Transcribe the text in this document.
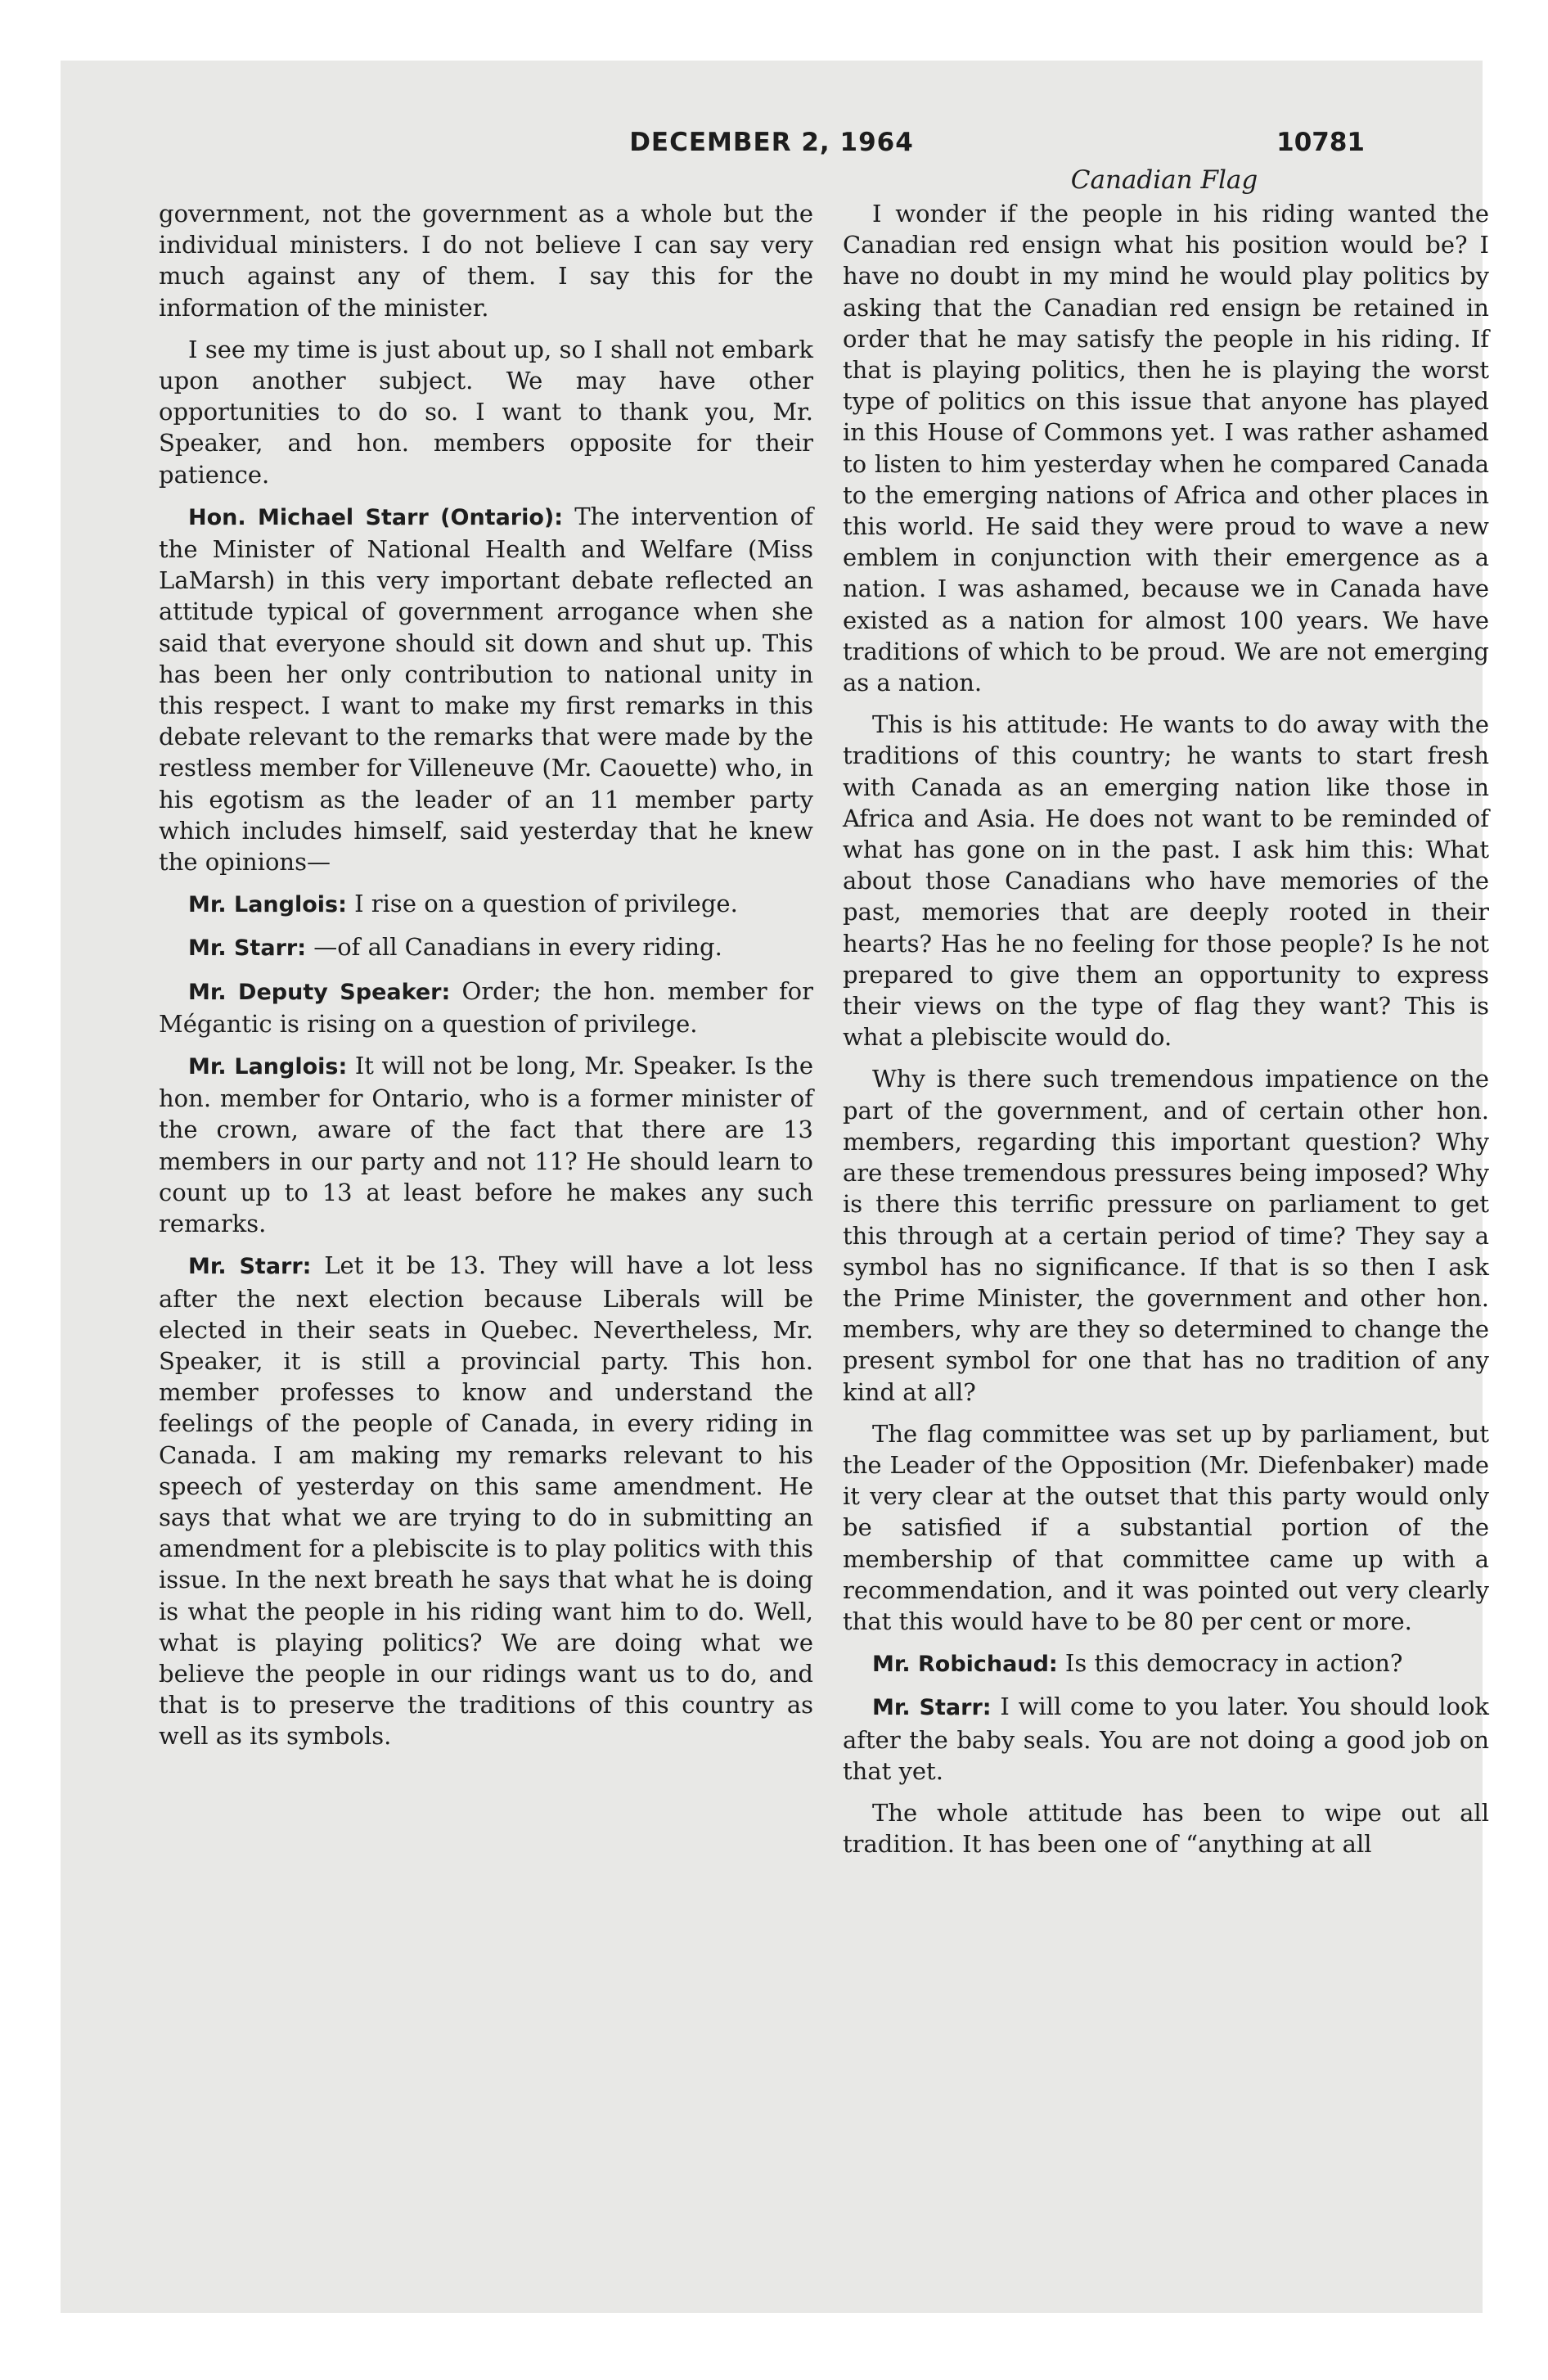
DECEMBER 2, 1964	10781
Canadian Flag

government, not the government as a whole but the individual ministers. I do not believe I can say very much against any of them. I say this for the information of the minister.

I see my time is just about up, so I shall not embark upon another subject. We may have other opportunities to do so. I want to thank you, Mr. Speaker, and hon. members opposite for their patience.

Hon. Michael Starr (Ontario): The intervention of the Minister of National Health and Welfare (Miss LaMarsh) in this very important debate reflected an attitude typical of government arrogance when she said that everyone should sit down and shut up. This has been her only contribution to national unity in this respect. I want to make my first remarks in this debate relevant to the remarks that were made by the restless member for Villeneuve (Mr. Caouette) who, in his egotism as the leader of an 11 member party which includes himself, said yesterday that he knew the opinions—

Mr. Langlois: I rise on a question of privilege.

Mr. Starr: —of all Canadians in every riding.

Mr. Deputy Speaker: Order; the hon. member for Mégantic is rising on a question of privilege.

Mr. Langlois: It will not be long, Mr. Speaker. Is the hon. member for Ontario, who is a former minister of the crown, aware of the fact that there are 13 members in our party and not 11? He should learn to count up to 13 at least before he makes any such remarks.

Mr. Starr: Let it be 13. They will have a lot less after the next election because Liberals will be elected in their seats in Quebec. Nevertheless, Mr. Speaker, it is still a provincial party. This hon. member professes to know and understand the feelings of the people of Canada, in every riding in Canada. I am making my remarks relevant to his speech of yesterday on this same amendment. He says that what we are trying to do in submitting an amendment for a plebiscite is to play politics with this issue. In the next breath he says that what he is doing is what the people in his riding want him to do. Well, what is playing politics? We are doing what we believe the people in our ridings want us to do, and that is to preserve the traditions of this country as well as its symbols.

I wonder if the people in his riding wanted the Canadian red ensign what his position would be? I have no doubt in my mind he would play politics by asking that the Canadian red ensign be retained in order that he may satisfy the people in his riding. If that is playing politics, then he is playing the worst type of politics on this issue that anyone has played in this House of Commons yet. I was rather ashamed to listen to him yesterday when he compared Canada to the emerging nations of Africa and other places in this world. He said they were proud to wave a new emblem in conjunction with their emergence as a nation. I was ashamed, because we in Canada have existed as a nation for almost 100 years. We have traditions of which to be proud. We are not emerging as a nation.

This is his attitude: He wants to do away with the traditions of this country; he wants to start fresh with Canada as an emerging nation like those in Africa and Asia. He does not want to be reminded of what has gone on in the past. I ask him this: What about those Canadians who have memories of the past, memories that are deeply rooted in their hearts? Has he no feeling for those people? Is he not prepared to give them an opportunity to express their views on the type of flag they want? This is what a plebiscite would do.

Why is there such tremendous impatience on the part of the government, and of certain other hon. members, regarding this important question? Why are these tremendous pressures being imposed? Why is there this terrific pressure on parliament to get this through at a certain period of time? They say a symbol has no significance. If that is so then I ask the Prime Minister, the government and other hon. members, why are they so determined to change the present symbol for one that has no tradition of any kind at all?

The flag committee was set up by parliament, but the Leader of the Opposition (Mr. Diefenbaker) made it very clear at the outset that this party would only be satisfied if a substantial portion of the membership of that committee came up with a recommendation, and it was pointed out very clearly that this would have to be 80 per cent or more.

Mr. Robichaud: Is this democracy in action?

Mr. Starr: I will come to you later. You should look after the baby seals. You are not doing a good job on that yet.

The whole attitude has been to wipe out all tradition. It has been one of “anything at all
